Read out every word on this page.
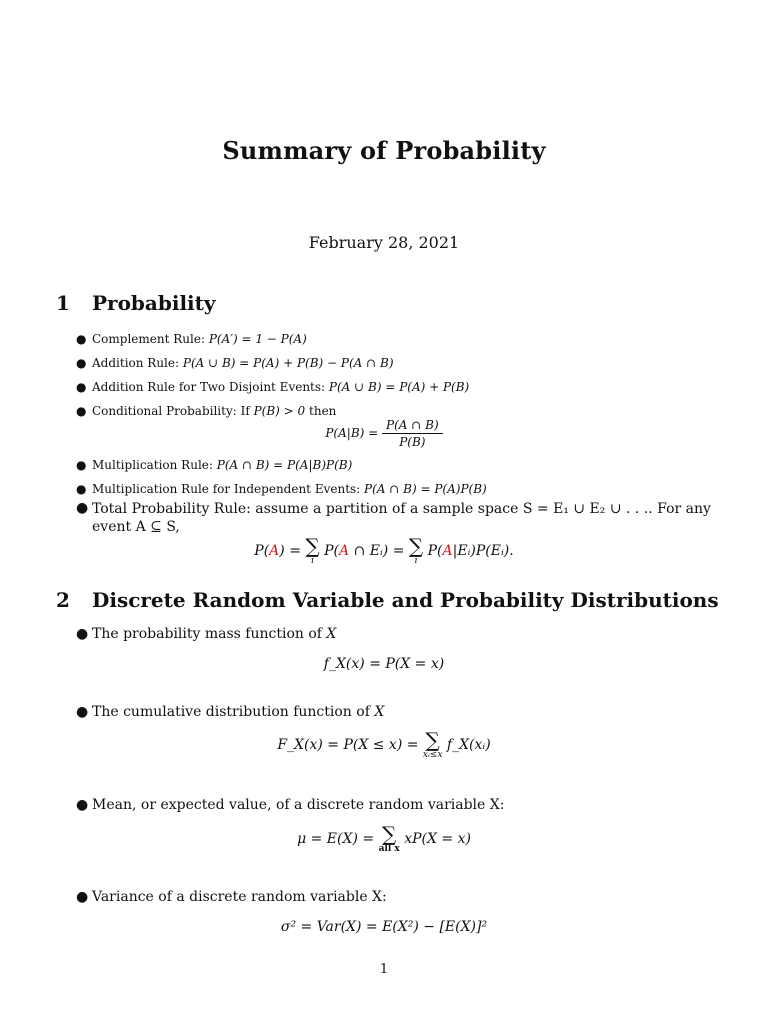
Summary of Probability
February 28, 2021
1 Probability
● Complement Rule: P(A′) = 1 − P(A)
● Addition Rule: P(A ∪ B) = P(A) + P(B) − P(A ∩ B)
● Addition Rule for Two Disjoint Events: P(A ∪ B) = P(A) + P(B)
● Conditional Probability: If P(B) > 0 then
$P(A|B) = \frac{P(A \cap B)}{P(B)}$
● Multiplication Rule: P(A ∩ B) = P(A|B)P(B)
● Multiplication Rule for Independent Events: P(A ∩ B) = P(A)P(B)
● Total Probability Rule: assume a partition of a sample space S = E₁ ∪ E₂ ∪ . . .. For any event A ⊆ S,
P(A) = ∑
i
P(A ∩ Eᵢ) = ∑
i
P(A|Eᵢ)P(Eᵢ).
2 Discrete Random Variable and Probability Distributions
● The probability mass function of X
f_X(x) = P(X = x)
● The cumulative distribution function of X
F_X(x) = P(X ≤ x) = ∑
xᵢ≤x
f_X(xᵢ)
● Mean, or expected value, of a discrete random variable X:
μ = E(X) = ∑
all x
xP(X = x)
● Variance of a discrete random variable X:
σ² = Var(X) = E(X²) − [E(X)]²
1
